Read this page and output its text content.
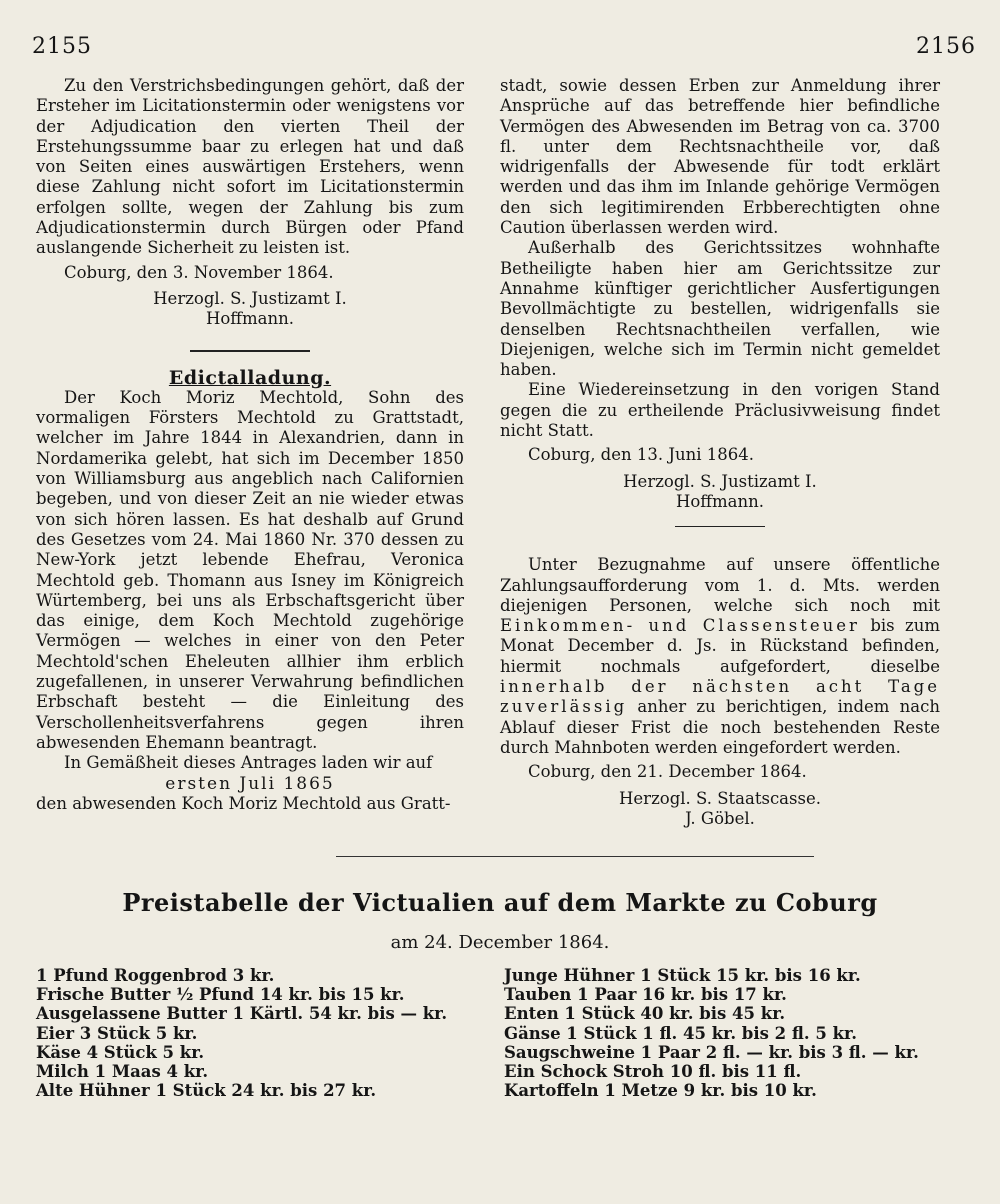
2155	2156

Zu den Verstrichsbedingungen gehört, daß der Ersteher im Licitationstermin oder wenigstens vor der Adjudication den vierten Theil der Erstehungssumme baar zu erlegen hat und daß von Seiten eines auswärtigen Erstehers, wenn diese Zahlung nicht sofort im Licitationstermin erfolgen sollte, wegen der Zahlung bis zum Adjudicationstermin durch Bürgen oder Pfand auslangende Sicherheit zu leisten ist.

Coburg, den 3. November 1864.

Herzogl. S. Justizamt I.

Hoffmann.

Edictalladung.

Der Koch Moriz Mechtold, Sohn des vormaligen Försters Mechtold zu Grattstadt, welcher im Jahre 1844 in Alexandrien, dann in Nordamerika gelebt, hat sich im December 1850 von Williamsburg aus angeblich nach Californien begeben, und von dieser Zeit an nie wieder etwas von sich hören lassen. Es hat deshalb auf Grund des Gesetzes vom 24. Mai 1860 Nr. 370 dessen zu New-York jetzt lebende Ehefrau, Veronica Mechtold geb. Thomann aus Isney im Königreich Würtemberg, bei uns als Erbschaftsgericht über das einige, dem Koch Mechtold zugehörige Vermögen — welches in einer von den Peter Mechtold'schen Eheleuten allhier ihm erblich zugefallenen, in unserer Verwahrung befindlichen Erbschaft besteht — die Einleitung des Verschollenheitsverfahrens gegen ihren abwesenden Ehemann beantragt.

In Gemäßheit dieses Antrages laden wir auf

ersten Juli 1865

den abwesenden Koch Moriz Mechtold aus Gratt-

stadt, sowie dessen Erben zur Anmeldung ihrer Ansprüche auf das betreffende hier befindliche Vermögen des Abwesenden im Betrag von ca. 3700 fl. unter dem Rechtsnachtheile vor, daß widrigenfalls der Abwesende für todt erklärt werden und das ihm im Inlande gehörige Vermögen den sich legitimirenden Erbberechtigten ohne Caution überlassen werden wird.

Außerhalb des Gerichtssitzes wohnhafte Betheiligte haben hier am Gerichtssitze zur Annahme künftiger gerichtlicher Ausfertigungen Bevollmächtigte zu bestellen, widrigenfalls sie denselben Rechtsnachtheilen verfallen, wie Diejenigen, welche sich im Termin nicht gemeldet haben.

Eine Wiedereinsetzung in den vorigen Stand gegen die zu ertheilende Präclusivweisung findet nicht Statt.

Coburg, den 13. Juni 1864.

Herzogl. S. Justizamt I.

Hoffmann.

Unter Bezugnahme auf unsere öffentliche Zahlungsaufforderung vom 1. d. Mts. werden diejenigen Personen, welche sich noch mit Einkommen- und Classensteuer bis zum Monat December d. Js. in Rückstand befinden, hiermit nochmals aufgefordert, dieselbe innerhalb der nächsten acht Tage zuverlässig anher zu berichtigen, indem nach Ablauf dieser Frist die noch bestehenden Reste durch Mahnboten werden eingefordert werden.

Coburg, den 21. December 1864.

Herzogl. S. Staatscasse.

J. Göbel.

Preistabelle der Victualien auf dem Markte zu Coburg
am 24. December 1864.
1 Pfund Roggenbrod 3 kr.
Frische Butter ½ Pfund 14 kr. bis 15 kr.
Ausgelassene Butter 1 Kärtl. 54 kr. bis — kr.
Eier 3 Stück 5 kr.
Käse 4 Stück 5 kr.
Milch 1 Maas 4 kr.
Alte Hühner 1 Stück 24 kr. bis 27 kr.
Junge Hühner 1 Stück 15 kr. bis 16 kr.
Tauben 1 Paar 16 kr. bis 17 kr.
Enten 1 Stück 40 kr. bis 45 kr.
Gänse 1 Stück 1 fl. 45 kr. bis 2 fl. 5 kr.
Saugschweine 1 Paar 2 fl. — kr. bis 3 fl. — kr.
Ein Schock Stroh 10 fl. bis 11 fl.
Kartoffeln 1 Metze 9 kr. bis 10 kr.
